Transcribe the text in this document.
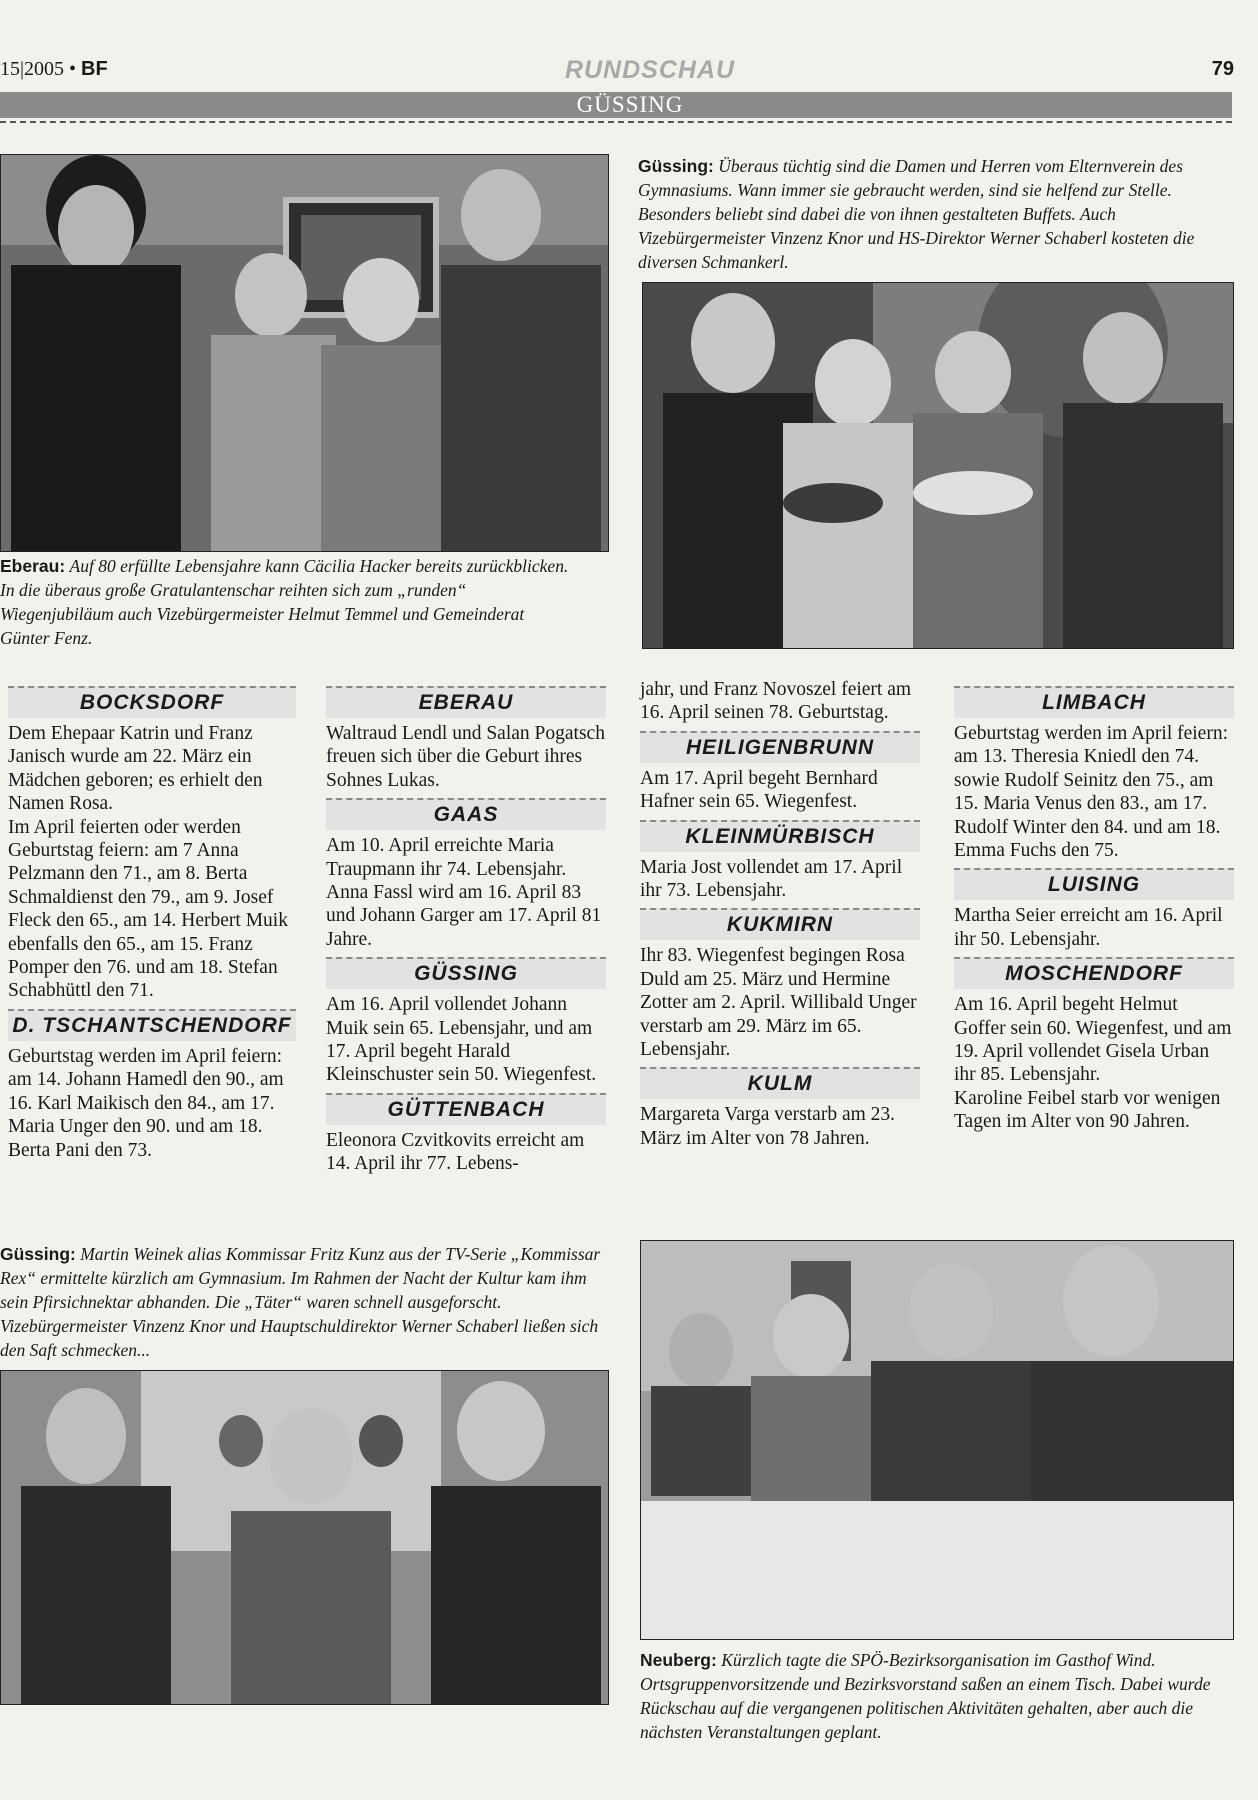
15|2005 • BF	RUNDSCHAU	79
GÜSSING
Eberau: Auf 80 erfüllte Lebensjahre kann Cäcilia Hacker bereits zurückblicken. In die überaus große Gratulantenschar reihten sich zum „runden“ Wiegenjubiläum auch Vizebürgermeister Helmut Temmel und Gemeinderat Günter Fenz.
Güssing: Überaus tüchtig sind die Damen und Herren vom Elternverein des Gymnasiums. Wann immer sie gebraucht werden, sind sie helfend zur Stelle. Besonders beliebt sind dabei die von ihnen gestalteten Buffets. Auch Vizebürgermeister Vinzenz Knor und HS-Direktor Werner Schaberl kosteten die diversen Schmankerl.
BOCKSDORF

Dem Ehepaar Katrin und Franz Janisch wurde am 22. März ein Mädchen geboren; es erhielt den Namen Rosa.

Im April feierten oder werden Geburtstag feiern: am 7 Anna Pelzmann den 71., am 8. Berta Schmaldienst den 79., am 9. Josef Fleck den 65., am 14. Herbert Muik ebenfalls den 65., am 15. Franz Pomper den 76. und am 18. Stefan Schabhüttl den 71.

D. TSCHANTSCHENDORF

Geburtstag werden im April feiern: am 14. Johann Hamedl den 90., am 16. Karl Maikisch den 84., am 17. Maria Unger den 90. und am 18. Berta Pani den 73.

EBERAU

Waltraud Lendl und Salan Pogatsch freuen sich über die Geburt ihres Sohnes Lukas.

GAAS

Am 10. April erreichte Maria Traupmann ihr 74. Lebensjahr. Anna Fassl wird am 16. April 83 und Johann Garger am 17. April 81 Jahre.

GÜSSING

Am 16. April vollendet Johann Muik sein 65. Lebensjahr, und am 17. April begeht Harald Kleinschuster sein 50. Wiegenfest.

GÜTTENBACH

Eleonora Czvitkovits erreicht am 14. April ihr 77. Lebens-

jahr, und Franz Novoszel feiert am 16. April seinen 78. Geburtstag.

HEILIGENBRUNN

Am 17. April begeht Bernhard Hafner sein 65. Wiegenfest.

KLEINMÜRBISCH

Maria Jost vollendet am 17. April ihr 73. Lebensjahr.

KUKMIRN

Ihr 83. Wiegenfest begingen Rosa Duld am 25. März und Hermine Zotter am 2. April. Willibald Unger verstarb am 29. März im 65. Lebensjahr.

KULM

Margareta Varga verstarb am 23. März im Alter von 78 Jahren.

LIMBACH

Geburtstag werden im April feiern: am 13. Theresia Kniedl den 74. sowie Rudolf Seinitz den 75., am 15. Maria Venus den 83., am 17. Rudolf Winter den 84. und am 18. Emma Fuchs den 75.

LUISING

Martha Seier erreicht am 16. April ihr 50. Lebensjahr.

MOSCHENDORF

Am 16. April begeht Helmut Goffer sein 60. Wiegenfest, und am 19. April vollendet Gisela Urban ihr 85. Lebensjahr.

Karoline Feibel starb vor wenigen Tagen im Alter von 90 Jahren.

Güssing: Martin Weinek alias Kommissar Fritz Kunz aus der TV-Serie „Kommissar Rex“ ermittelte kürzlich am Gymnasium. Im Rahmen der Nacht der Kultur kam ihm sein Pfirsichnektar abhanden. Die „Täter“ waren schnell ausgeforscht. Vizebürgermeister Vinzenz Knor und Hauptschuldirektor Werner Schaberl ließen sich den Saft schmecken...
Neuberg: Kürzlich tagte die SPÖ-Bezirksorganisation im Gasthof Wind. Ortsgruppenvorsitzende und Bezirksvorstand saßen an einem Tisch. Dabei wurde Rückschau auf die vergangenen politischen Aktivitäten gehalten, aber auch die nächsten Veranstaltungen geplant.
